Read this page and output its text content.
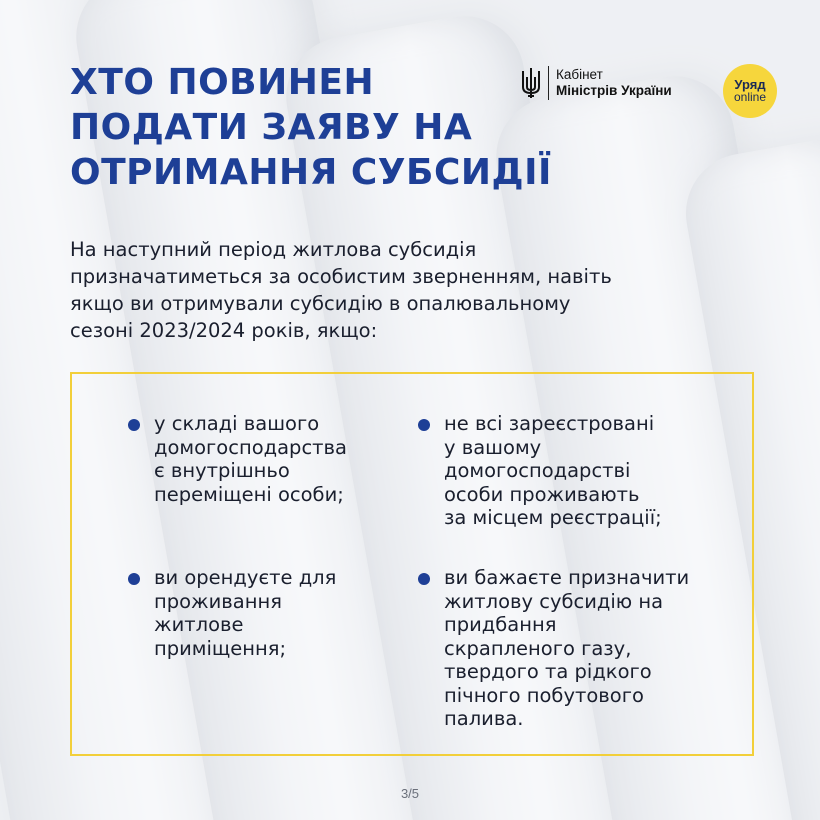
ХТО ПОВИНЕН
ПОДАТИ ЗАЯВУ НА
ОТРИМАННЯ СУБСИДІЇ
Кабінет
Міністрів України	Уряд
online
На наступний період житлова субсидія
призначатиметься за особистим зверненням, навіть
якщо ви отримували субсидію в опалювальному
сезоні 2023/2024 років, якщо:
у складі вашого
домогосподарства
є внутрішньо
переміщені особи;
не всі зареєстровані
у вашому
домогосподарстві
особи проживають
за місцем реєстрації;
ви орендуєте для
проживання
житлове
приміщення;
ви бажаєте призначити
житлову субсидію на
придбання
скрапленого газу,
твердого та рідкого
пічного побутового
палива.
3/5
